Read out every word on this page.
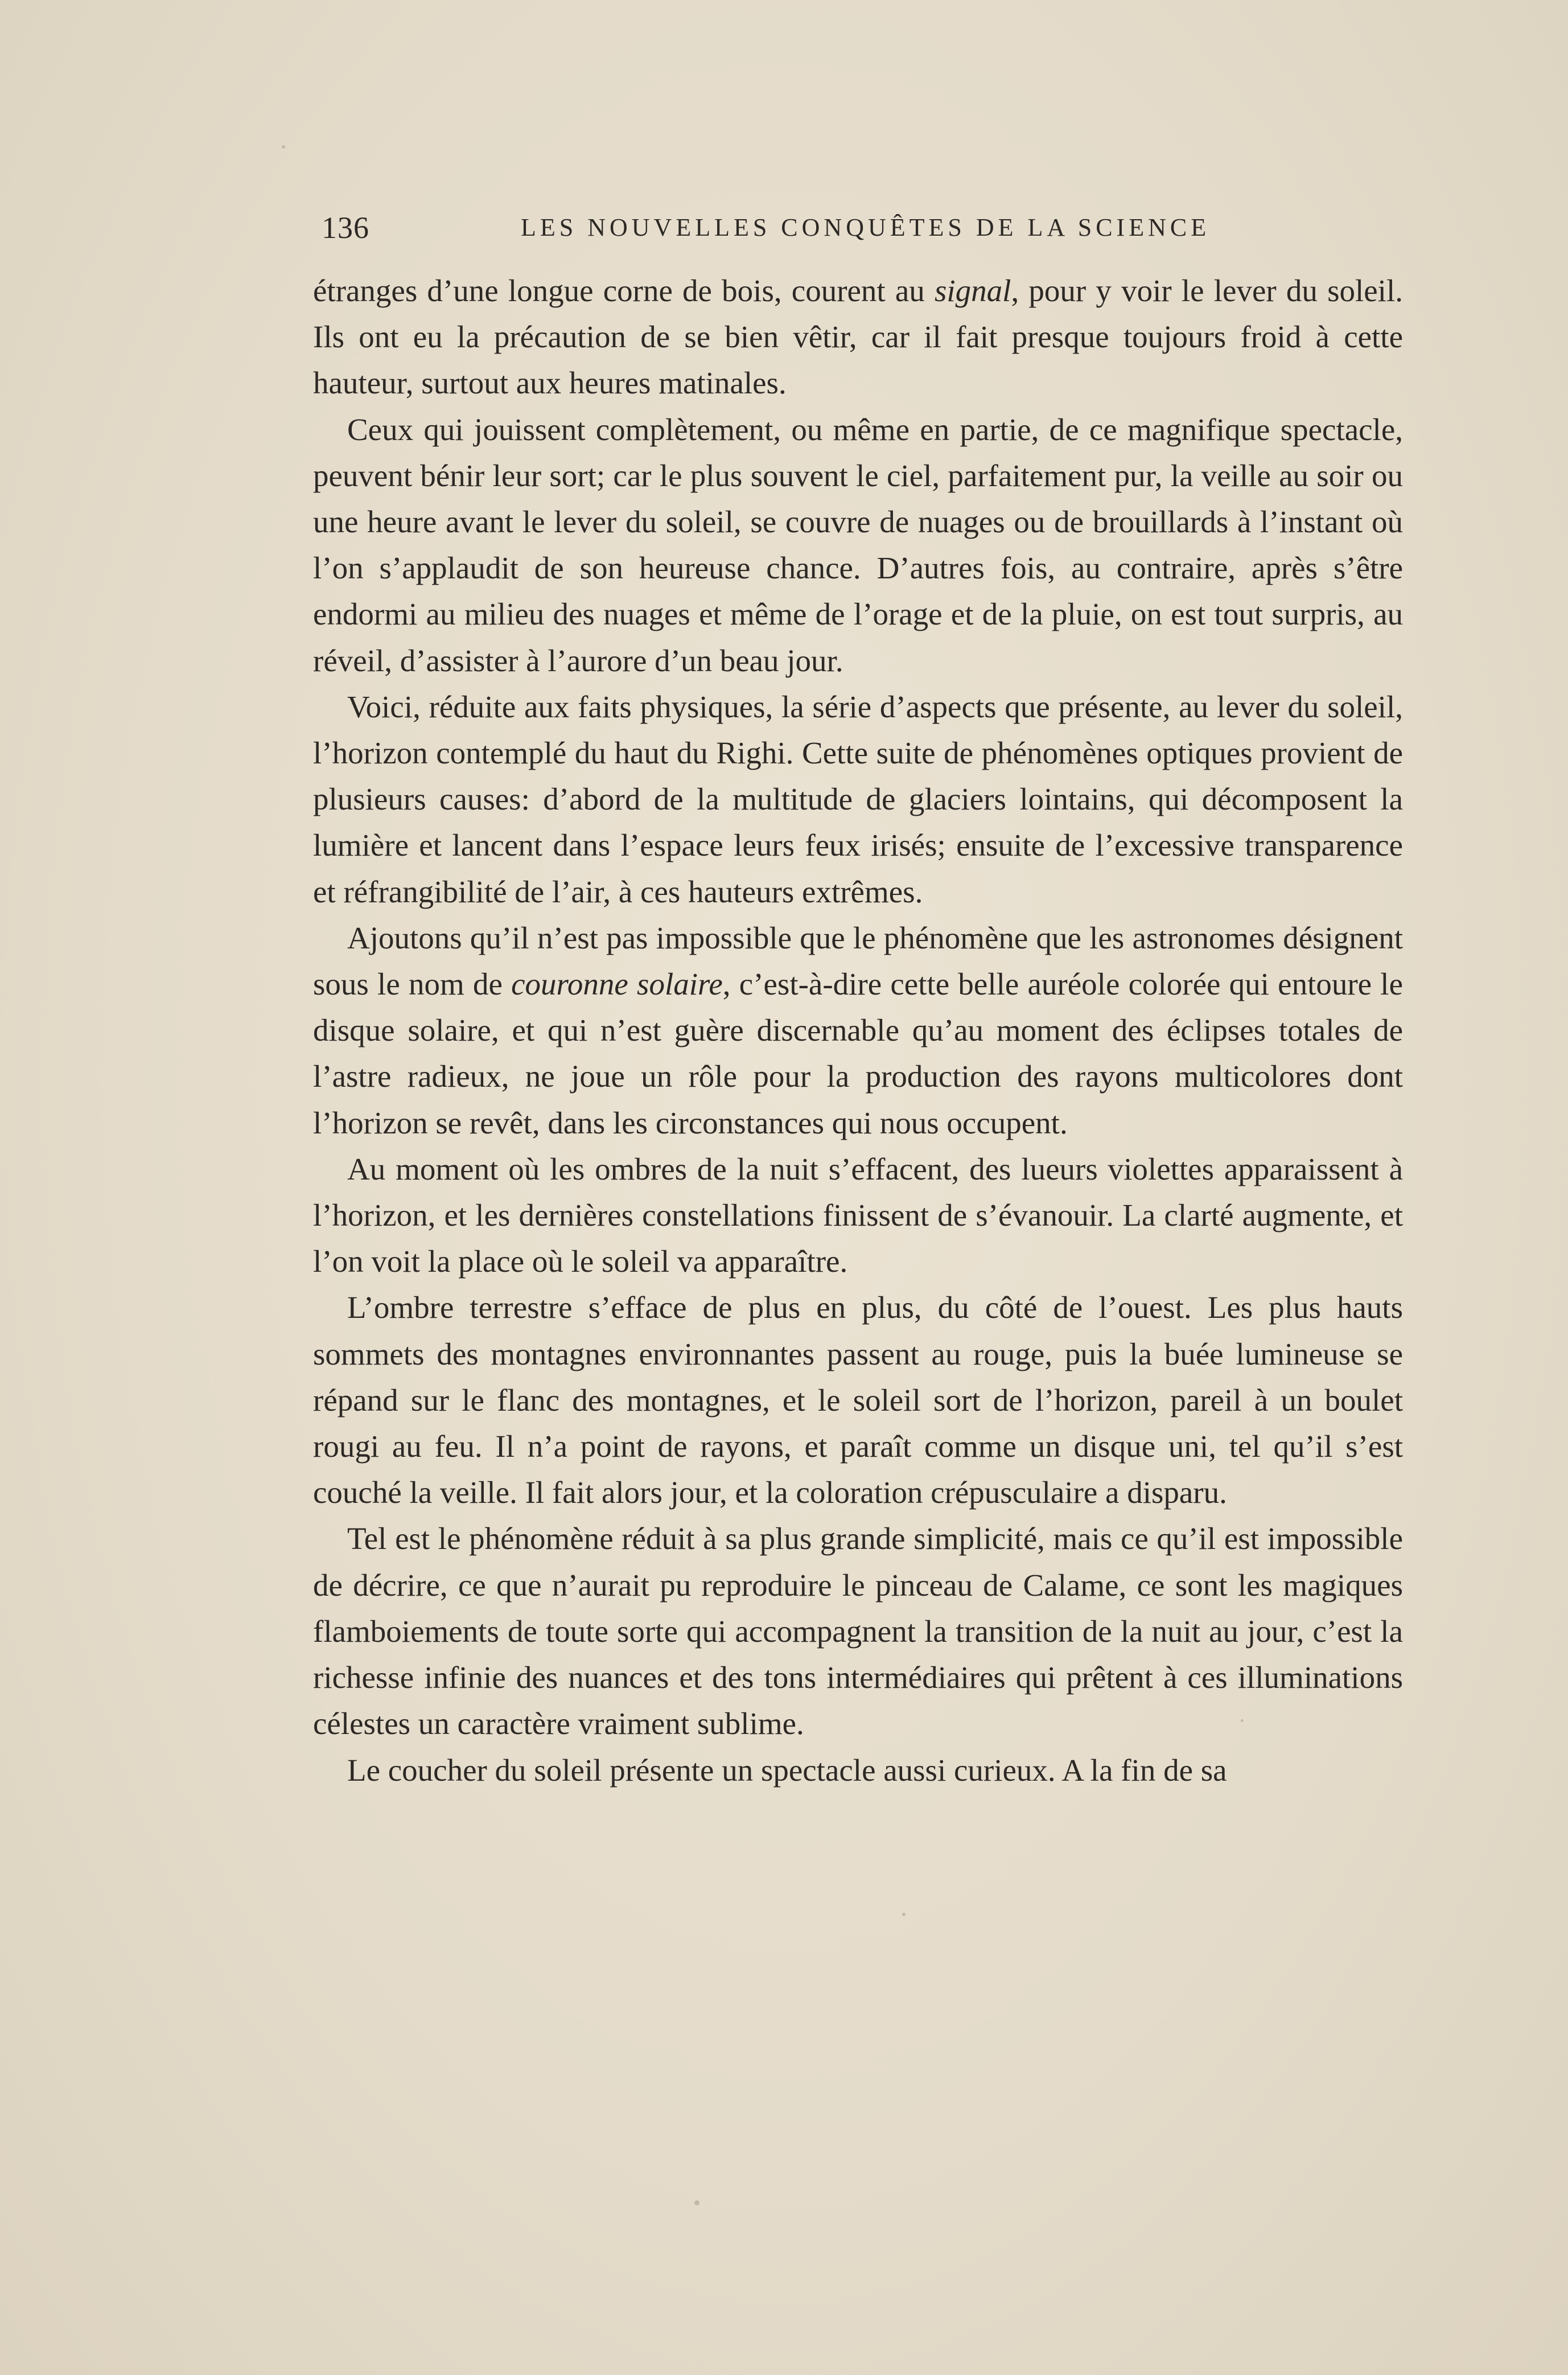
136	LES NOUVELLES CONQUÊTES DE LA SCIENCE

étranges d’une longue corne de bois, courent au signal, pour y voir le lever du soleil. Ils ont eu la précaution de se bien vêtir, car il fait presque toujours froid à cette hauteur, surtout aux heures matinales.

Ceux qui jouissent complètement, ou même en partie, de ce magnifique spectacle, peuvent bénir leur sort; car le plus souvent le ciel, parfaitement pur, la veille au soir ou une heure avant le lever du soleil, se couvre de nuages ou de brouillards à l’instant où l’on s’applaudit de son heureuse chance. D’autres fois, au contraire, après s’être endormi au milieu des nuages et même de l’orage et de la pluie, on est tout surpris, au réveil, d’assister à l’aurore d’un beau jour.

Voici, réduite aux faits physiques, la série d’aspects que présente, au lever du soleil, l’horizon contemplé du haut du Righi. Cette suite de phénomènes optiques provient de plusieurs causes: d’abord de la multitude de glaciers lointains, qui décomposent la lumière et lancent dans l’espace leurs feux irisés; ensuite de l’excessive transparence et réfrangibilité de l’air, à ces hauteurs extrêmes.

Ajoutons qu’il n’est pas impossible que le phénomène que les astronomes désignent sous le nom de couronne solaire, c’est-à-dire cette belle auréole colorée qui entoure le disque solaire, et qui n’est guère discernable qu’au moment des éclipses totales de l’astre radieux, ne joue un rôle pour la production des rayons multicolores dont l’horizon se revêt, dans les circonstances qui nous occupent.

Au moment où les ombres de la nuit s’effacent, des lueurs violettes apparaissent à l’horizon, et les dernières constellations finissent de s’évanouir. La clarté augmente, et l’on voit la place où le soleil va apparaître.

L’ombre terrestre s’efface de plus en plus, du côté de l’ouest. Les plus hauts sommets des montagnes environnantes passent au rouge, puis la buée lumineuse se répand sur le flanc des montagnes, et le soleil sort de l’horizon, pareil à un boulet rougi au feu. Il n’a point de rayons, et paraît comme un disque uni, tel qu’il s’est couché la veille. Il fait alors jour, et la coloration crépusculaire a disparu.

Tel est le phénomène réduit à sa plus grande simplicité, mais ce qu’il est impossible de décrire, ce que n’aurait pu reproduire le pinceau de Calame, ce sont les magiques flamboiements de toute sorte qui accompagnent la transition de la nuit au jour, c’est la richesse infinie des nuances et des tons intermédiaires qui prêtent à ces illuminations célestes un caractère vraiment sublime.

Le coucher du soleil présente un spectacle aussi curieux. A la fin de sa
